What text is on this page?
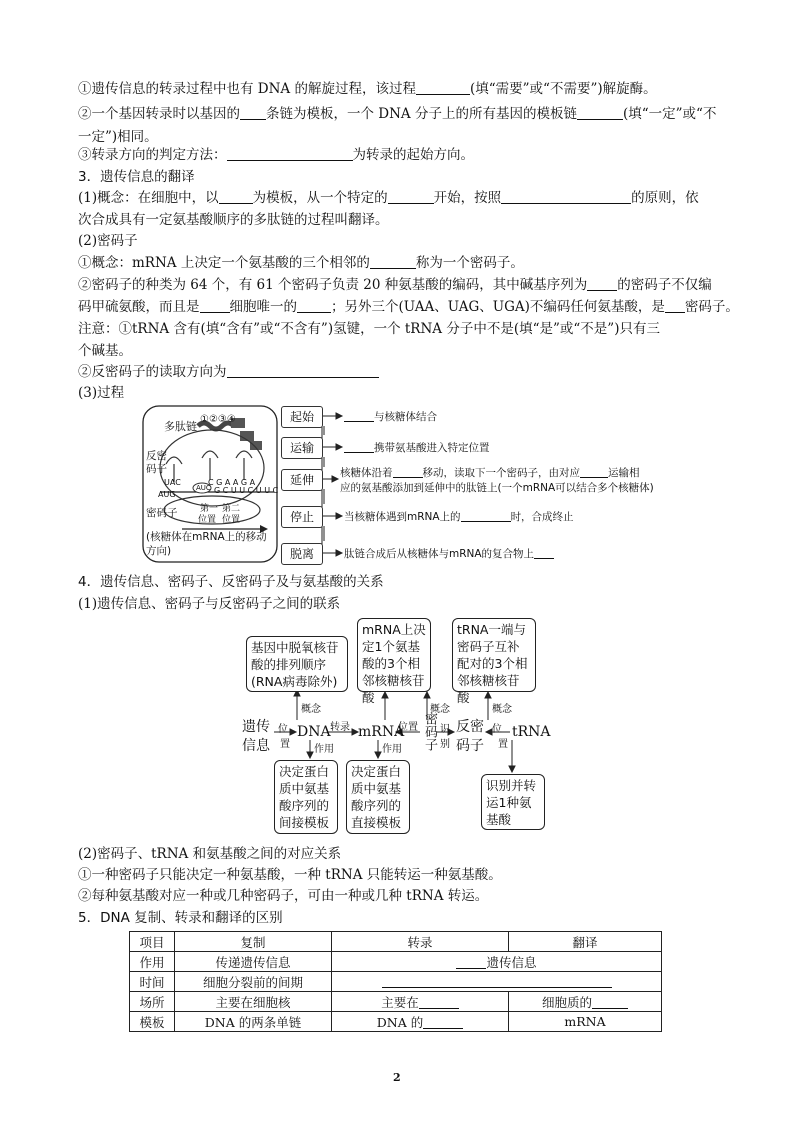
①遗传信息的转录过程中也有 DNA 的解旋过程，该过程	(填“需要”或“不需要”)解旋酶。
②一个基因转录时以基因的 条链为模板，一个 DNA 分子上的所有基因的模板链	(填“一定”或“不
一定”)相同。
③转录方向的判定方法：	为转录的起始方向。
3．遗传信息的翻译
(1)概念：在细胞中，以	为模板，从一个特定的	开始，按照	的原则，依
次合成具有一定氨基酸顺序的多肽链的过程叫翻译。
(2)密码子
①概念：mRNA 上决定一个氨基酸的三个相邻的	称为一个密码子。
②密码子的种类为 64 个，有 61 个密码子负责 20 种氨基酸的编码，其中碱基序列为 的密码子不仅编
码甲硫氨酸，而且是 细胞唯一的	；另外三个(UAA、UAG、UGA)不编码任何氨基酸，是 密码子。
注意：①tRNA 含有(填“含有”或“不含有”)氢键，一个 tRNA 分子中不是(填“是”或“不是”)只有三
个碱基。
②反密码子的读取方向为
(3)过程
多肽链
①②③④
反密
码子
UAC
AUG
AUC
C G A A G A
G C U U C U U C
密码子	第一 第二
位置 位置
(核糖体在mRNA上的移动
方向)
起始
运输
延伸
停止
脱离
与核糖体结合
携带氨基酸进入特定位置
核糖体沿着	移动，读取下一个密码子，由对应	运输相
应的氨基酸添加到延伸中的肽链上(一个mRNA可以结合多个核糖体)
当核糖体遇到mRNA上的	时，合成终止
肽链合成后从核糖体与mRNA的复合物上
4．遗传信息、密码子、反密码子及与氨基酸的关系
(1)遗传信息、密码子与反密码子之间的联系
基因中脱氧核苷酸的排列顺序(RNA病毒除外)
mRNA上决定1个氨基酸的3个相邻核糖核苷酸
tRNA一端与密码子互补配对的3个相邻核糖核苷酸
决定蛋白质中氨基酸序列的间接模板
决定蛋白质中氨基酸序列的直接模板
识别并转运1种氨基酸
概念	概念	概念
遗传
信息
位
置
DNA 转录
作用
mRNA
作用
位置 密码子 识
别
反密
码子
位
置
tRNA
(2)密码子、tRNA 和氨基酸之间的对应关系
①一种密码子只能决定一种氨基酸，一种 tRNA 只能转运一种氨基酸。
②每种氨基酸对应一种或几种密码子，可由一种或几种 tRNA 转运。
5．DNA 复制、转录和翻译的区别
项目	复制	转录	翻译
作用	传递遗传信息	遗传信息	
时间	细胞分裂前的间期		
场所	主要在细胞核	主要在	细胞质的
模板	DNA 的两条单链	DNA 的	mRNA
2
